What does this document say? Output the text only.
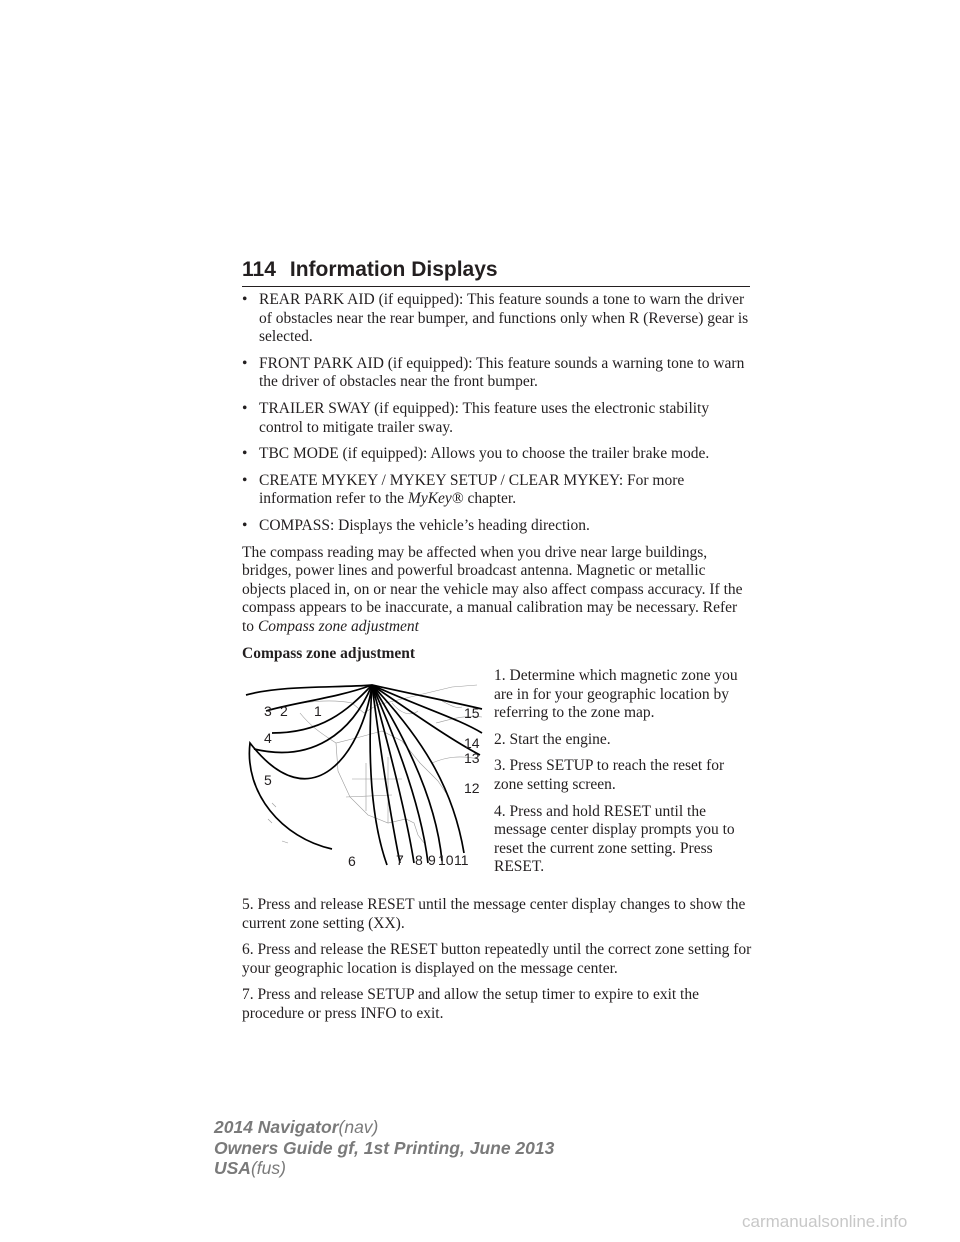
114 Information Displays
• REAR PARK AID (if equipped): This feature sounds a tone to warn the driver of obstacles near the rear bumper, and functions only when R (Reverse) gear is selected.
• FRONT PARK AID (if equipped): This feature sounds a warning tone to warn the driver of obstacles near the front bumper.
• TRAILER SWAY (if equipped): This feature uses the electronic stability control to mitigate trailer sway.
• TBC MODE (if equipped): Allows you to choose the trailer brake mode.
• CREATE MYKEY / MYKEY SETUP / CLEAR MYKEY: For more information refer to the MyKey® chapter.
• COMPASS: Displays the vehicle’s heading direction.

The compass reading may be affected when you drive near large buildings, bridges, power lines and powerful broadcast antenna. Magnetic or metallic objects placed in, on or near the vehicle may also affect compass accuracy. If the compass appears to be inaccurate, a manual calibration may be necessary. Refer to Compass zone adjustment

Compass zone adjustment
3 2 1
4
5
6	7 8 9 10 11
12
13
14
15

1. Determine which magnetic zone you are in for your geographic location by referring to the zone map.

2. Start the engine.

3. Press SETUP to reach the reset for zone setting screen.

4. Press and hold RESET until the message center display prompts you to reset the current zone setting. Press RESET.

5. Press and release RESET until the message center display changes to show the current zone setting (XX).

6. Press and release the RESET button repeatedly until the correct zone setting for your geographic location is displayed on the message center.

7. Press and release SETUP and allow the setup timer to expire to exit the procedure or press INFO to exit.

2014 Navigator(nav)
Owners Guide gf, 1st Printing, June 2013
USA(fus)
carmanualsonline.info
